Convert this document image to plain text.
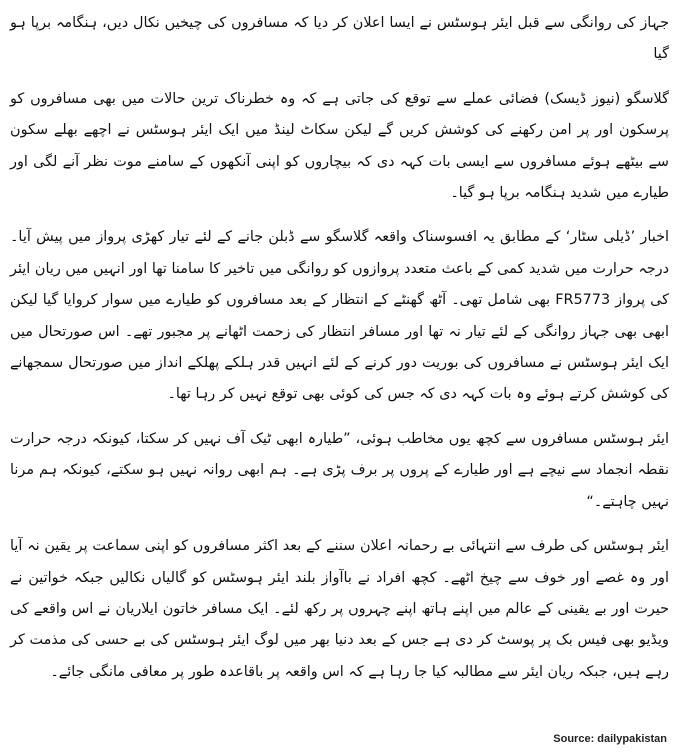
جہاز کی روانگی سے قبل ایئر ہوسٹس نے ایسا اعلان کر دیا کہ مسافروں کی چیخیں نکال دیں، ہنگامہ برپا ہو گیا

گلاسگو (نیوز ڈیسک) فضائی عملے سے توقع کی جاتی ہے کہ وہ خطرناک ترین حالات میں بھی مسافروں کو پرسکون اور پر امن رکھنے کی کوشش کریں گے لیکن سکاٹ لینڈ میں ایک ایئر ہوسٹس نے اچھے بھلے سکون سے بیٹھے ہوئے مسافروں سے ایسی بات کہہ دی کہ بیچاروں کو اپنی آنکھوں کے سامنے موت نظر آنے لگی اور طیارے میں شدید ہنگامہ برپا ہو گیا۔

اخبار ’ڈیلی سٹار‘ کے مطابق یہ افسوسناک واقعہ گلاسگو سے ڈبلن جانے کے لئے تیار کھڑی پرواز میں پیش آیا۔ درجہ حرارت میں شدید کمی کے باعث متعدد پروازوں کو روانگی میں تاخیر کا سامنا تھا اور انہیں میں ریان ایئر کی پرواز FR5773 بھی شامل تھی۔ آٹھ گھنٹے کے انتظار کے بعد مسافروں کو طیارے میں سوار کروایا گیا لیکن ابھی بھی جہاز روانگی کے لئے تیار نہ تھا اور مسافر انتظار کی زحمت اٹھانے پر مجبور تھے۔ اس صورتحال میں ایک ایئر ہوسٹس نے مسافروں کی بوریت دور کرنے کے لئے انہیں قدر ہلکے پھلکے انداز میں صورتحال سمجھانے کی کوشش کرتے ہوئے وہ بات کہہ دی کہ جس کی کوئی بھی توقع نہیں کر رہا تھا۔

ایئر ہوسٹس مسافروں سے کچھ یوں مخاطب ہوئی، ”طیارہ ابھی ٹیک آف نہیں کر سکتا، کیونکہ درجہ حرارت نقطہ انجماد سے نیچے ہے اور طیارے کے پروں پر برف پڑی ہے۔ ہم ابھی روانہ نہیں ہو سکتے، کیونکہ ہم مرنا نہیں چاہتے۔“

ایئر ہوسٹس کی طرف سے انتہائی بے رحمانہ اعلان سننے کے بعد اکثر مسافروں کو اپنی سماعت پر یقین نہ آیا اور وہ غصے اور خوف سے چیخ اٹھے۔ کچھ افراد نے باآواز بلند ایئر ہوسٹس کو گالیاں نکالیں جبکہ خواتین نے حیرت اور بے یقینی کے عالم میں اپنے ہاتھ اپنے چہروں پر رکھ لئے۔ ایک مسافر خاتون ایلاریان نے اس واقعے کی ویڈیو بھی فیس بک پر پوسٹ کر دی ہے جس کے بعد دنیا بھر میں لوگ ایئر ہوسٹس کی بے حسی کی مذمت کر رہے ہیں، جبکہ ریان ایئر سے مطالبہ کیا جا رہا ہے کہ اس واقعہ پر باقاعدہ طور پر معافی مانگی جائے۔

Source: dailypakistan
